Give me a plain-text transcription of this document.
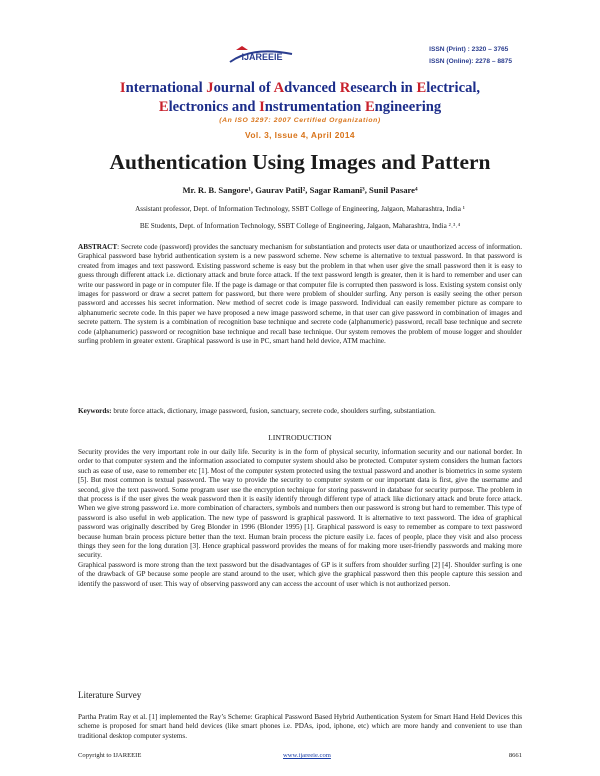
ISSN (Print) : 2320 – 3765
ISSN (Online): 2278 – 8875
IJAREEIE
International Journal of Advanced Research in Electrical,
Electronics and Instrumentation Engineering
(An ISO 3297: 2007 Certified Organization)
Vol. 3, Issue 4, April 2014
Authentication Using Images and Pattern
Mr. R. B. Sangore¹, Gaurav Patil², Sagar Ramani³, Sunil Pasare⁴
Assistant professor, Dept. of Information Technology, SSBT College of Engineering, Jalgaon, Maharashtra, India ¹
BE Students, Dept. of Information Technology, SSBT College of Engineering, Jalgaon, Maharashtra, India ²˒³˒⁴

ABSTRACT: Secrete code (password) provides the sanctuary mechanism for substantiation and protects user data or unauthorized access of information. Graphical password base hybrid authentication system is a new password scheme. New scheme is alternative to textual password. In that password is created from images and text password. Existing password scheme is easy but the problem in that when user give the small password then it is easy to guess through different attack i.e. dictionary attack and brute force attack. If the text password length is greater, then it is hard to remember and user can write our password in page or in computer file. If the page is damage or that computer file is corrupted then password is loss. Existing system consist only images for password or draw a secret pattern for password, but there were problem of shoulder surfing. Any person is easily seeing the other person password and accesses his secret information. New method of secret code is image password. Individual can easily remember picture as compare to alphanumeric secrete code. In this paper we have proposed a new image password scheme, in that user can give password in combination of images and secrete pattern. The system is a combination of recognition base technique and secrete code (alphanumeric) password, recall base technique and secrete code (alphanumeric) password or recognition base technique and recall base technique. Our system removes the problem of mouse logger and shoulder surfing problem in greater extent. Graphical password is use in PC, smart hand held device, ATM machine.

Keywords: brute force attack, dictionary, image password, fusion, sanctuary, secrete code, shoulders surfing, substantiation.

I.INTRODUCTION

Security provides the very important role in our daily life. Security is in the form of physical security, information security and our national border. In order to that computer system and the information associated to computer system should also be protected. Computer system considers the human factors such as ease of use, ease to remember etc [1]. Most of the computer system protected using the textual password and another is biometrics in some system [5]. But most common is textual password. The way to provide the security to computer system or our important data is first, give the username and second, give the text password. Some program user use the encryption technique for storing password in database for security purpose. The problem in that process is if the user gives the weak password then it is easily identify through different type of attack like dictionary attack and brute force attack. When we give strong password i.e. more combination of characters, symbols and numbers then our password is strong but hard to remember. This type of password is also useful in web application. The new type of password is graphical password. It is alternative to text password. The idea of graphical password was originally described by Greg Blonder in 1996 (Blonder 1995) [1]. Graphical password is easy to remember as compare to text password because human brain process picture better than the text. Human brain process the picture easily i.e. faces of people, place they visit and also process things they seen for the long duration [3]. Hence graphical password provides the means of for making more user-friendly passwords and making more security.

Graphical password is more strong than the text password but the disadvantages of GP is it suffers from shoulder surfing [2] [4]. Shoulder surfing is one of the drawback of GP because some people are stand around to the user, which give the graphical password then this people capture this session and identify the password of user. This way of observing password any can access the account of user which is not authorized person.

Literature Survey
Partha Pratim Ray et al. [1] implemented the Ray’s Scheme: Graphical Password Based Hybrid Authentication System for Smart Hand Held Devices this scheme is proposed for smart hand held devices (like smart phones i.e. PDAs, ipod, iphone, etc) which are more handy and convenient to use than traditional desktop computer systems.
Copyright to IJAREEIE	www.ijareeie.com	8661
